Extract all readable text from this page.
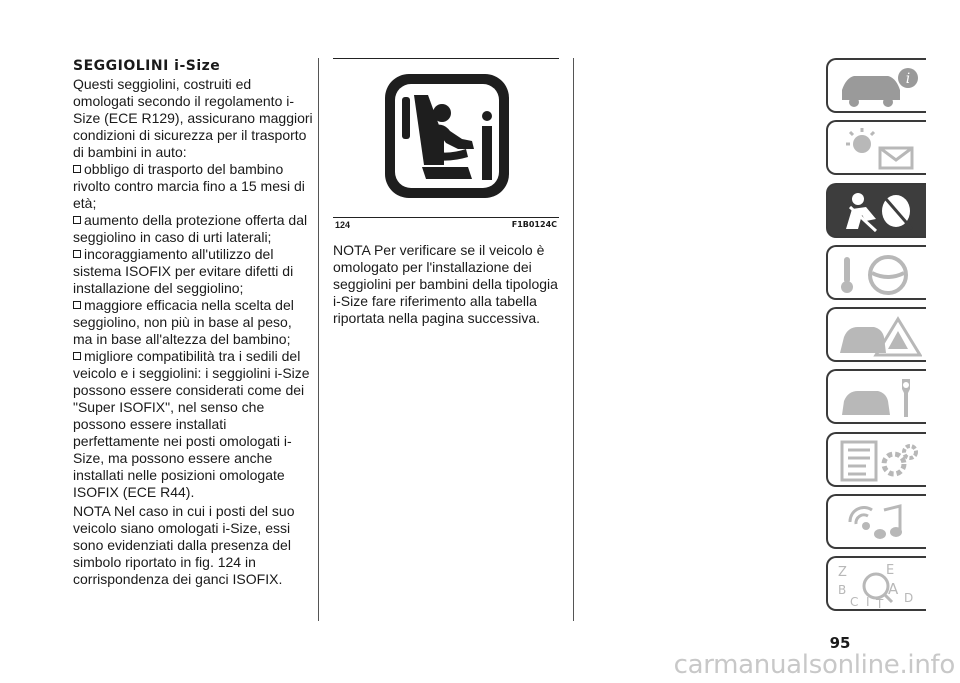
SEGGIOLINI i-Size

Questi seggiolini, costruiti ed omologati secondo il regolamento i-Size (ECE R129), assicurano maggiori condizioni di sicurezza per il trasporto di bambini in auto:

obbligo di trasporto del bambino rivolto contro marcia fino a 15 mesi di età;

aumento della protezione offerta dal seggiolino in caso di urti laterali;

incoraggiamento all'utilizzo del sistema ISOFIX per evitare difetti di installazione del seggiolino;

maggiore efficacia nella scelta del seggiolino, non più in base al peso, ma in base all'altezza del bambino;

migliore compatibilità tra i sedili del veicolo e i seggiolini: i seggiolini i-Size possono essere considerati come dei "Super ISOFIX", nel senso che possono essere installati perfettamente nei posti omologati i-Size, ma possono essere anche installati nelle posizioni omologate ISOFIX (ECE R44).

NOTA Nel caso in cui i posti del suo veicolo siano omologati i-Size, essi sono evidenziati dalla presenza del simbolo riportato in fig. 124 in corrispondenza dei ganci ISOFIX.

124	F1B0124C

NOTA Per verificare se il veicolo è omologato per l'installazione dei seggiolini per bambini della tipologia i-Size fare riferimento alla tabella riportata nella pagina successiva.

i
Z	E
B	A
C	D
I T
95
carmanualsonline.info
